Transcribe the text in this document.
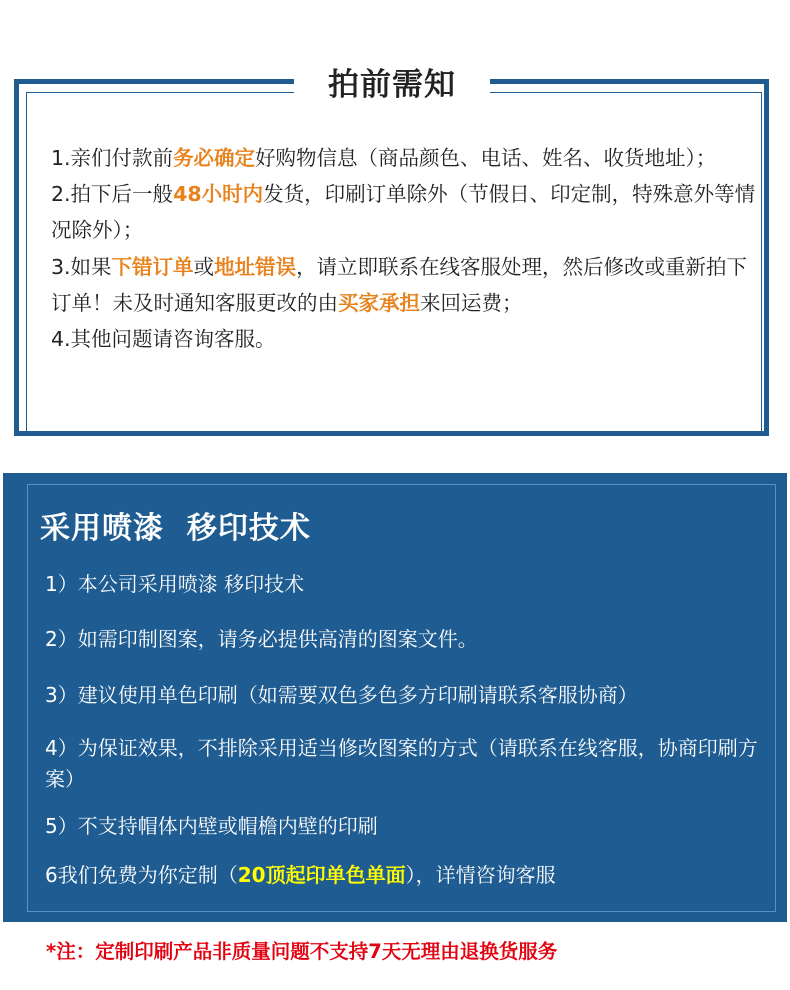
拍前需知
1.亲们付款前务必确定好购物信息（商品颜色、电话、姓名、收货地址）；
2.拍下后一般48小时内发货，印刷订单除外（节假日、印定制，特殊意外等情况除外）；
3.如果下错订单或地址错误，请立即联系在线客服处理，然后修改或重新拍下订单！未及时通知客服更改的由买家承担来回运费；
4.其他问题请咨询客服。
采用喷漆  移印技术
1）本公司采用喷漆 移印技术
2）如需印制图案，请务必提供高清的图案文件。
3）建议使用单色印刷（如需要双色多色多方印刷请联系客服协商）
4）为保证效果，不排除采用适当修改图案的方式（请联系在线客服，协商印刷方案）
5）不支持帽体内壁或帽檐内壁的印刷
6我们免费为你定制（20顶起印单色单面），详情咨询客服
*注：定制印刷产品非质量问题不支持7天无理由退换货服务
